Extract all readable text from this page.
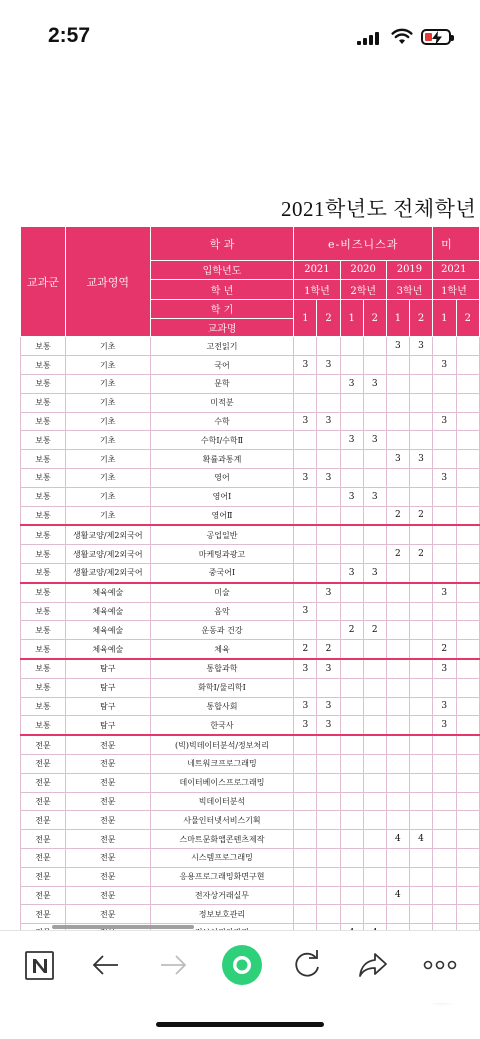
2:57
2021학년도 전체학년
교과군	교과영역	학 과	e-비즈니스과						미	
		입학년도	2021		2020		2019		2021	
		학 년	1학년		2학년		3학년		1학년	
		학 기	1	2	1	2	1	2	1	2
		교과명								
보통	기초	고전읽기					3	3		
보통	기초	국어	3	3					3	
보통	기초	문학			3	3				
보통	기초	미적분								
보통	기초	수학	3	3					3	
보통	기초	수학Ⅰ/수학Ⅱ			3	3				
보통	기초	확률과통계					3	3		
보통	기초	영어	3	3					3	
보통	기초	영어Ⅰ			3	3				
보통	기초	영어Ⅱ					2	2		
보통	생활교양/제2외국어	공업일반								
보통	생활교양/제2외국어	마케팅과광고					2	2		
보통	생활교양/제2외국어	중국어Ⅰ			3	3				
보통	체육예술	미술		3					3	
보통	체육예술	음악	3							
보통	체육예술	운동과 건강			2	2				
보통	체육예술	체육	2	2					2	
보통	탐구	통합과학	3	3					3	
보통	탐구	화학Ⅰ/물리학Ⅰ								
보통	탐구	통합사회	3	3					3	
보통	탐구	한국사	3	3					3	
전문	전문	(빅)빅데이터분석/정보처리								
전문	전문	네트워크프로그래밍								
전문	전문	데이터베이스프로그래밍								
전문	전문	빅데이터분석								
전문	전문	사물인터넷서비스기획								
전문	전문	스마트문화앱콘텐츠제작					4	4		
전문	전문	시스템프로그래밍								
전문	전문	응용프로그래밍화면구현								
전문	전문	전자상거래실무					4			
전문	전문	정보보호관리								
